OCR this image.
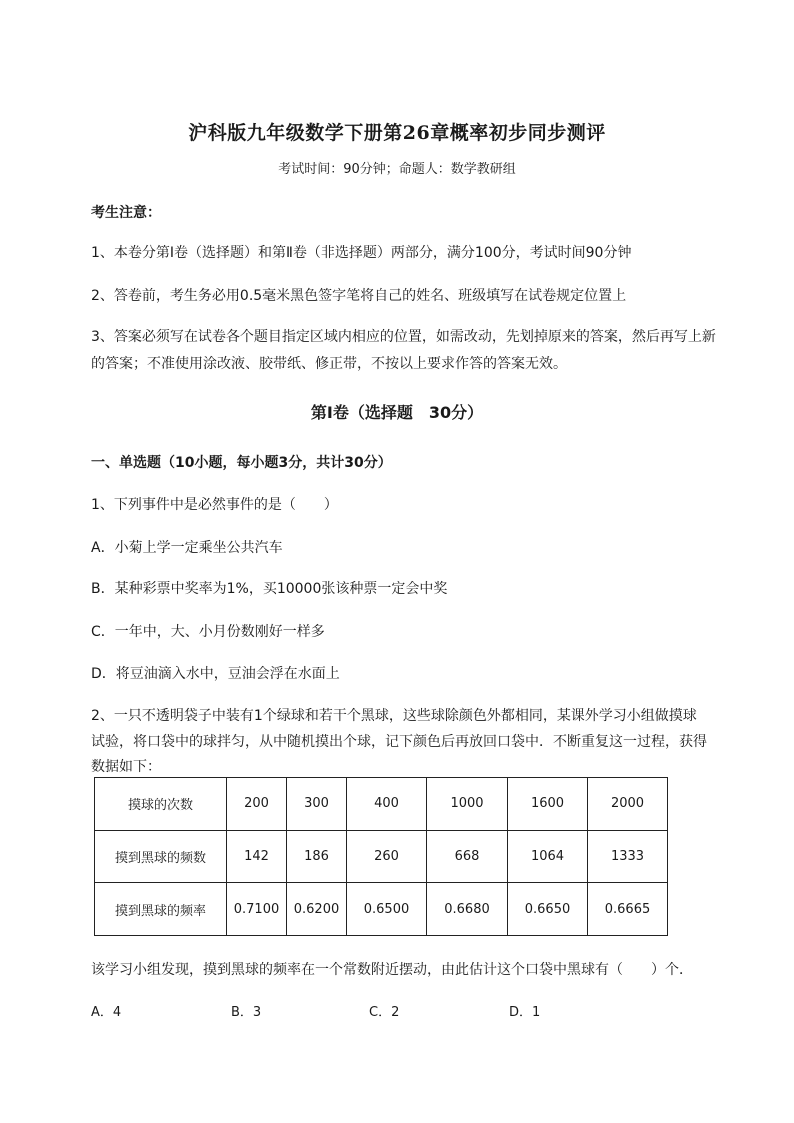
沪科版九年级数学下册第26章概率初步同步测评
考试时间：90分钟；命题人：数学教研组
考生注意：
1、本卷分第Ⅰ卷（选择题）和第Ⅱ卷（非选择题）两部分，满分100分，考试时间90分钟
2、答卷前，考生务必用0.5毫米黑色签字笔将自己的姓名、班级填写在试卷规定位置上
3、答案必须写在试卷各个题目指定区域内相应的位置，如需改动，先划掉原来的答案，然后再写上新
的答案；不准使用涂改液、胶带纸、修正带，不按以上要求作答的答案无效。
第Ⅰ卷（选择题　30分）
一、单选题（10小题，每小题3分，共计30分）
1、下列事件中是必然事件的是（　　）
A．小菊上学一定乘坐公共汽车
B．某种彩票中奖率为1%，买10000张该种票一定会中奖
C．一年中，大、小月份数刚好一样多
D．将豆油滴入水中，豆油会浮在水面上
2、一只不透明袋子中装有1个绿球和若干个黑球，这些球除颜色外都相同，某课外学习小组做摸球
试验，将口袋中的球拌匀，从中随机摸出个球，记下颜色后再放回口袋中．不断重复这一过程，获得
数据如下：
摸球的次数	200	300	400	1000	1600	2000
摸到黑球的频数	142	186	260	668	1064	1333
摸到黑球的频率	0.7100	0.6200	0.6500	0.6680	0.6650	0.6665
该学习小组发现，摸到黑球的频率在一个常数附近摆动，由此估计这个口袋中黑球有（　　）个．
A．4	B．3	C．2	D．1
